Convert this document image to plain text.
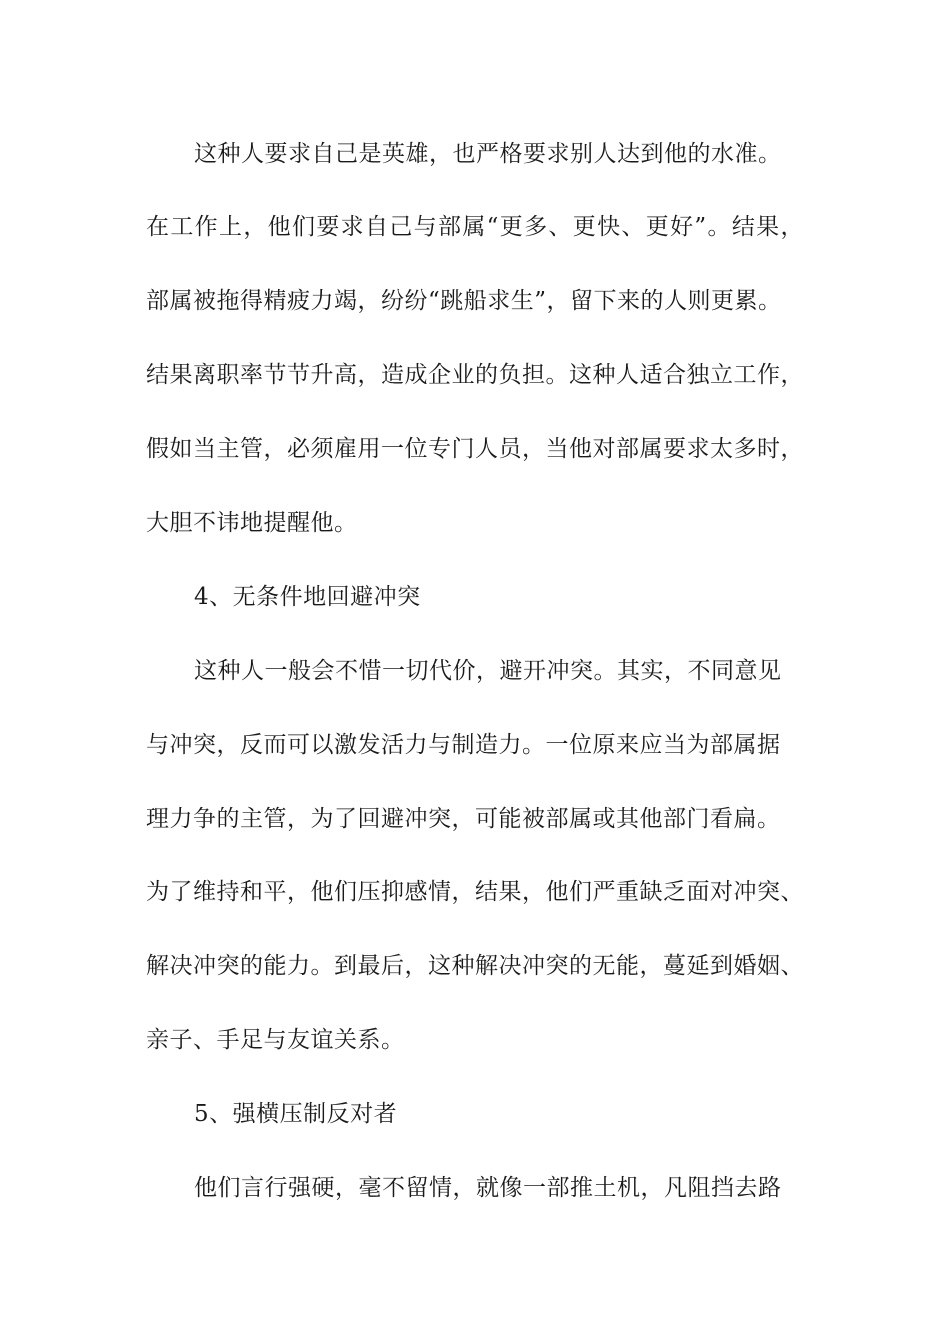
这种人要求自己是英雄，也严格要求别人达到他的水准。
在工作上，他们要求自己与部属“更多、更快、更好”。结果，
部属被拖得精疲力竭，纷纷“跳船求生”，留下来的人则更累。
结果离职率节节升高，造成企业的负担。这种人适合独立工作，
假如当主管，必须雇用一位专门人员，当他对部属要求太多时，
大胆不讳地提醒他。
4、无条件地回避冲突
这种人一般会不惜一切代价，避开冲突。其实，不同意见
与冲突，反而可以激发活力与制造力。一位原来应当为部属据
理力争的主管，为了回避冲突，可能被部属或其他部门看扁。
为了维持和平，他们压抑感情，结果，他们严重缺乏面对冲突、
解决冲突的能力。到最后，这种解决冲突的无能，蔓延到婚姻、
亲子、手足与友谊关系。
5、强横压制反对者
他们言行强硬，毫不留情，就像一部推土机，凡阻挡去路
